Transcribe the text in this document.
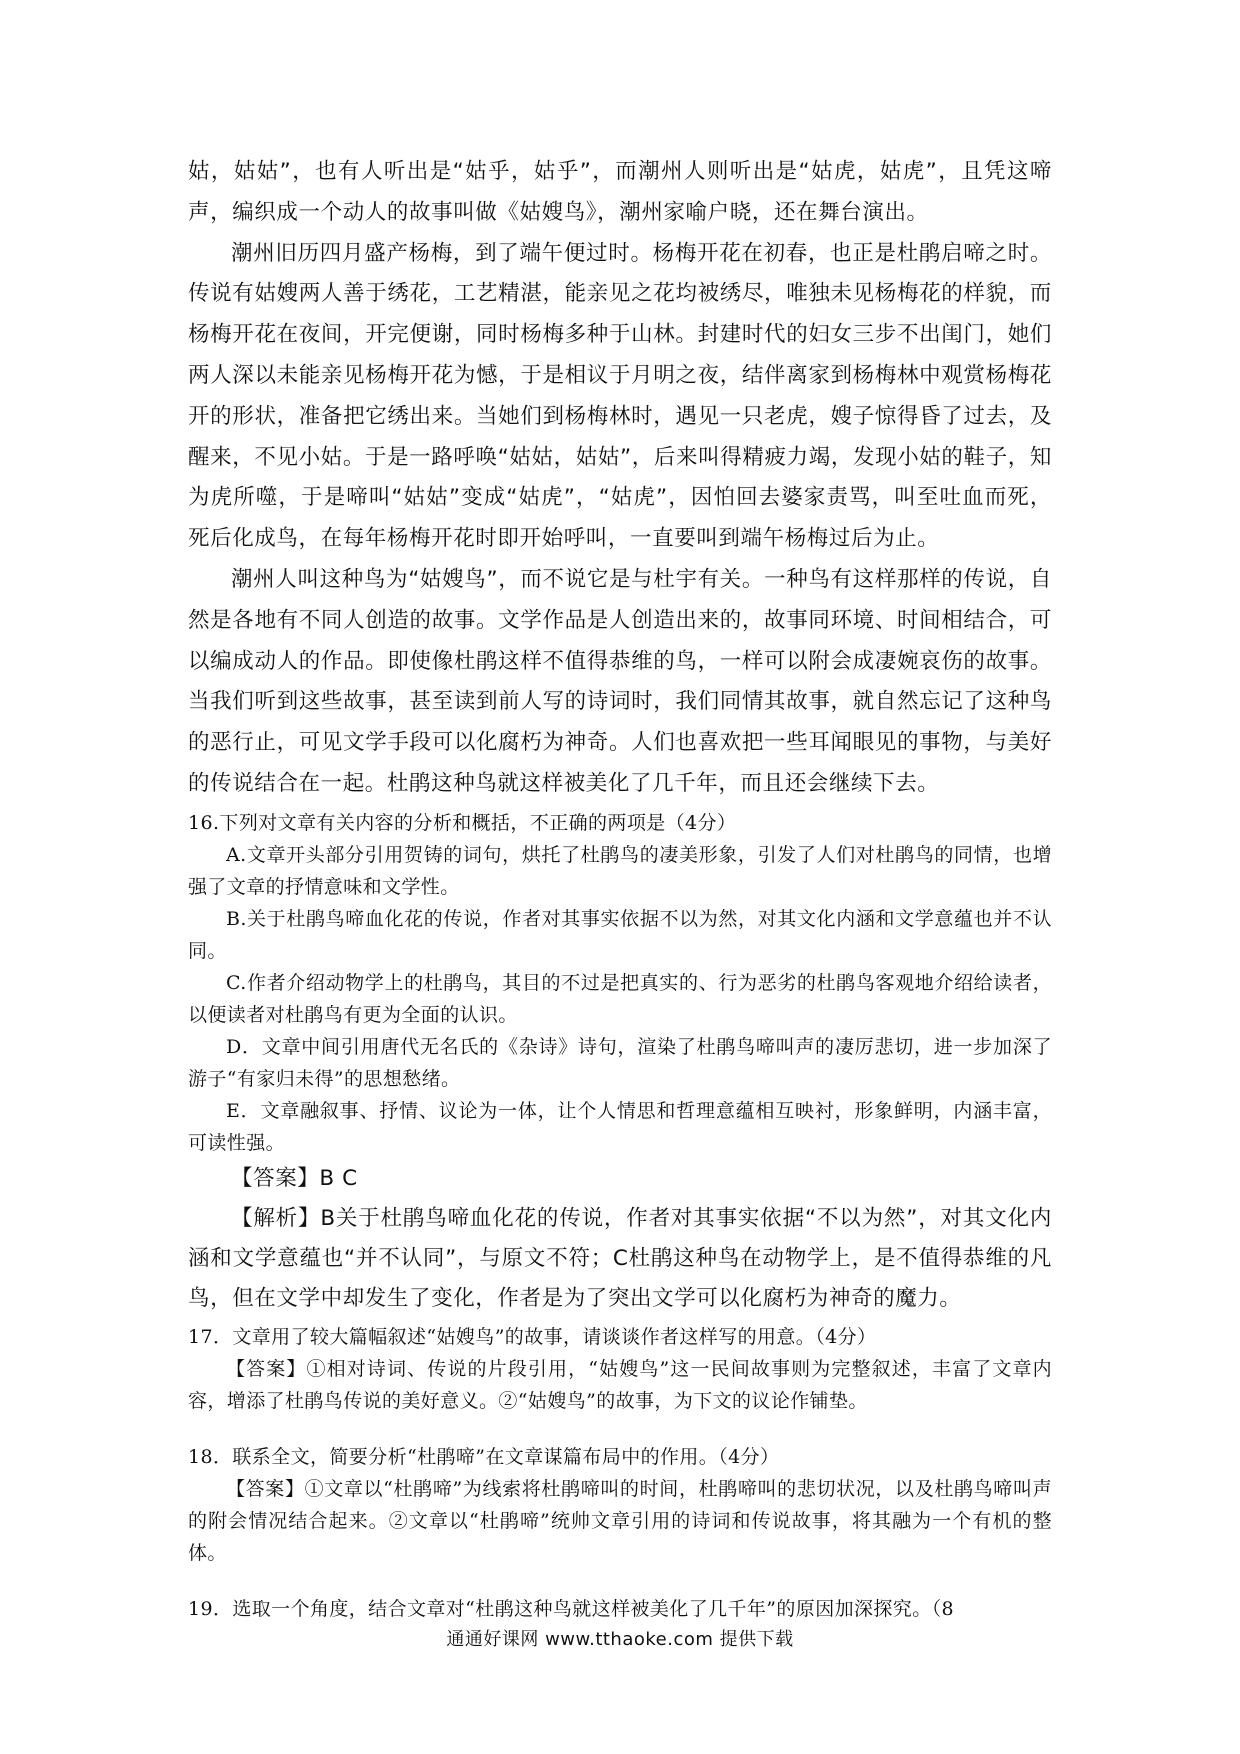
姑，姑姑”，也有人听出是“姑乎，姑乎”，而潮州人则听出是“姑虎，姑虎”，且凭这啼声，编织成一个动人的故事叫做《姑嫂鸟》，潮州家喻户晓，还在舞台演出。

潮州旧历四月盛产杨梅，到了端午便过时。杨梅开花在初春，也正是杜鹃启啼之时。传说有姑嫂两人善于绣花，工艺精湛，能亲见之花均被绣尽，唯独未见杨梅花的样貌，而杨梅开花在夜间，开完便谢，同时杨梅多种于山林。封建时代的妇女三步不出闺门，她们两人深以未能亲见杨梅开花为憾，于是相议于月明之夜，结伴离家到杨梅林中观赏杨梅花开的形状，准备把它绣出来。当她们到杨梅林时，遇见一只老虎，嫂子惊得昏了过去，及醒来，不见小姑。于是一路呼唤“姑姑，姑姑”，后来叫得精疲力竭，发现小姑的鞋子，知为虎所噬，于是啼叫“姑姑”变成“姑虎”，“姑虎”，因怕回去婆家责骂，叫至吐血而死，死后化成鸟，在每年杨梅开花时即开始呼叫，一直要叫到端午杨梅过后为止。

潮州人叫这种鸟为“姑嫂鸟”，而不说它是与杜宇有关。一种鸟有这样那样的传说，自然是各地有不同人创造的故事。文学作品是人创造出来的，故事同环境、时间相结合，可以编成动人的作品。即使像杜鹃这样不值得恭维的鸟，一样可以附会成凄婉哀伤的故事。当我们听到这些故事，甚至读到前人写的诗词时，我们同情其故事，就自然忘记了这种鸟的恶行止，可见文学手段可以化腐朽为神奇。人们也喜欢把一些耳闻眼见的事物，与美好的传说结合在一起。杜鹃这种鸟就这样被美化了几千年，而且还会继续下去。

16.下列对文章有关内容的分析和概括，不正确的两项是（4分）

A.文章开头部分引用贺铸的词句，烘托了杜鹃鸟的凄美形象，引发了人们对杜鹃鸟的同情，也增强了文章的抒情意味和文学性。

B.关于杜鹃鸟啼血化花的传说，作者对其事实依据不以为然，对其文化内涵和文学意蕴也并不认同。

C.作者介绍动物学上的杜鹃鸟，其目的不过是把真实的、行为恶劣的杜鹃鸟客观地介绍给读者，以便读者对杜鹃鸟有更为全面的认识。

D．文章中间引用唐代无名氏的《杂诗》诗句，渲染了杜鹃鸟啼叫声的凄厉悲切，进一步加深了游子“有家归未得”的思想愁绪。

E．文章融叙事、抒情、议论为一体，让个人情思和哲理意蕴相互映衬，形象鲜明，内涵丰富，可读性强。

【答案】B C

【解析】B关于杜鹃鸟啼血化花的传说，作者对其事实依据“不以为然”，对其文化内涵和文学意蕴也“并不认同”，与原文不符；C杜鹃这种鸟在动物学上，是不值得恭维的凡鸟，但在文学中却发生了变化，作者是为了突出文学可以化腐朽为神奇的魔力。

17．文章用了较大篇幅叙述“姑嫂鸟”的故事，请谈谈作者这样写的用意。（4分）

【答案】①相对诗词、传说的片段引用，“姑嫂鸟”这一民间故事则为完整叙述，丰富了文章内容，增添了杜鹃鸟传说的美好意义。②“姑嫂鸟”的故事，为下文的议论作铺垫。

18．联系全文，简要分析“杜鹃啼”在文章谋篇布局中的作用。（4分）

【答案】①文章以“杜鹃啼”为线索将杜鹃啼叫的时间，杜鹃啼叫的悲切状况，以及杜鹃鸟啼叫声的附会情况结合起来。②文章以“杜鹃啼”统帅文章引用的诗词和传说故事，将其融为一个有机的整体。

19．选取一个角度，结合文章对“杜鹃这种鸟就这样被美化了几千年”的原因加深探究。（8

通通好课网 www.tthaoke.com 提供下载
